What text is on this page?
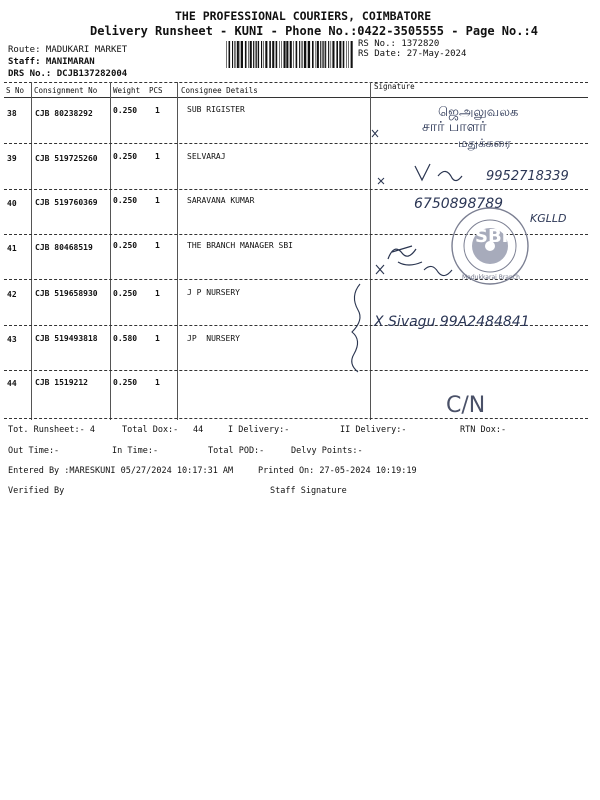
THE PROFESSIONAL COURIERS, COIMBATORE
Delivery Runsheet - KUNI - Phone No.:0422-3505555 - Page No.:4
Route: MADUKARI MARKET
Staff: MANIMARAN
DRS No.: DCJB137282004
RS No.: 1372820
RS Date: 27-May-2024
S No Consignment No Weight PCS Consignee Details	Signature
38 CJB 80238292	0.250 1	SUB RIGISTER
39 CJB 519725260 0.250 1	SELVARAJ
40 CJB 519760369 0.250 1	SARAVANA KUMAR
41 CJB 80468519	0.250 1	THE BRANCH MANAGER SBI
42 CJB 519658930 0.250 1	J P NURSERY
43 CJB 519493818 0.580 1	JP  NURSERY
44 CJB 1519212	0.250 1
ஜெஅலுவலக
சார் பாளர்
மதுக்கரை
9952718339
6750898789
KGLLD
SBI
Madukkarai Branch
X Sivagu 99A2484841
C/N
Tot. Runsheet:- 4	Total Dox:- 44	I Delivery:-	II Delivery:-	RTN Dox:-
Out Time:-	In Time:-	Total POD:-	Delvy Points:-
Entered By :MARESKUNI 05/27/2024 10:17:31 AM	Printed On: 27-05-2024 10:19:19
Verified By	Staff Signature
